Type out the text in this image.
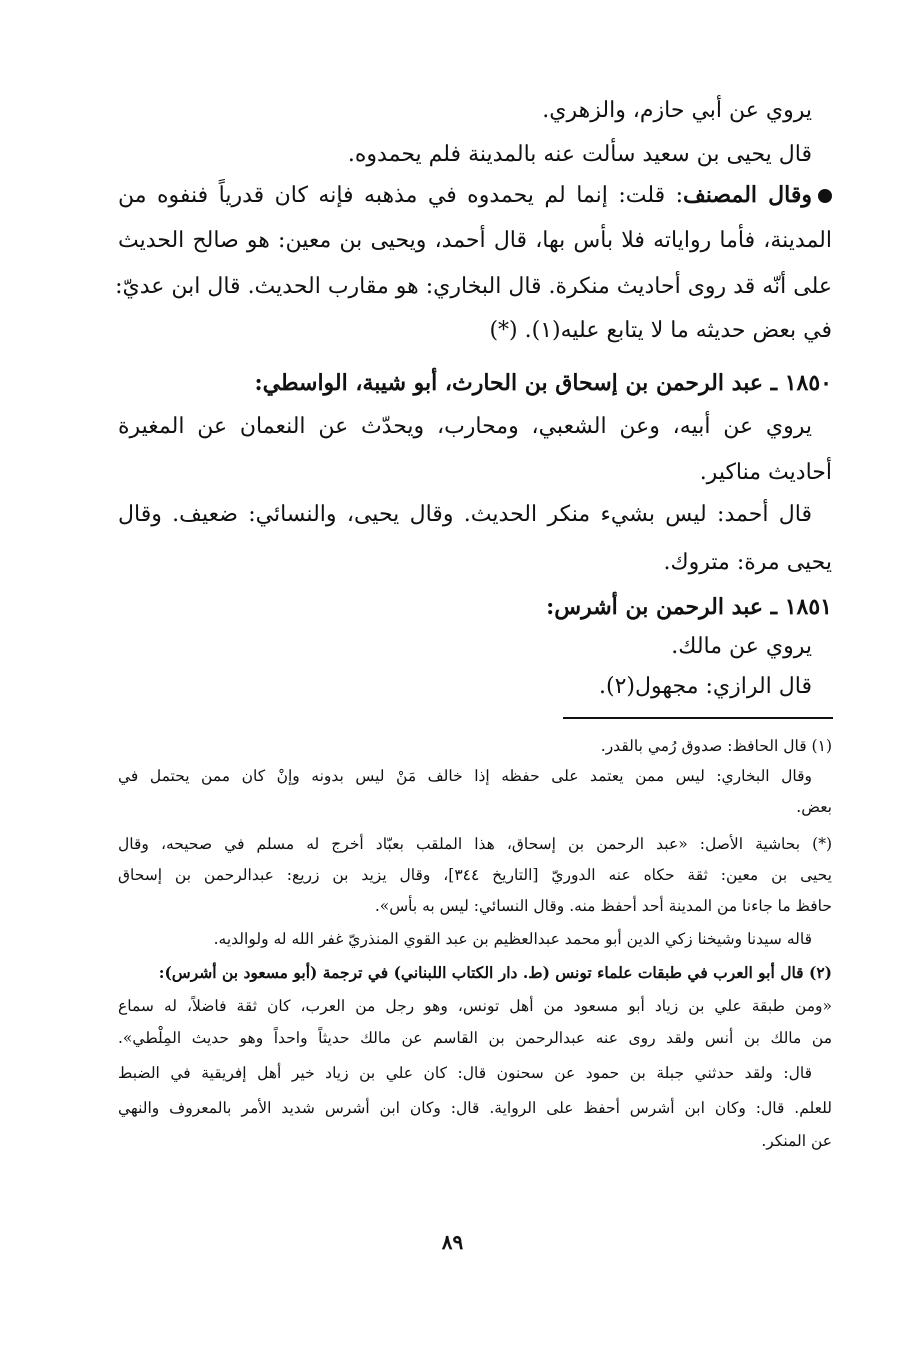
يروي عن أبي حازم، والزهري.
قال يحيى بن سعيد سألت عنه بالمدينة فلم يحمدوه.
وقال المصنف: قلت: إنما لم يحمدوه في مذهبه فإنه كان قدرياً فنفوه من
المدينة، فأما رواياته فلا بأس بها، قال أحمد، ويحيى بن معين: هو صالح الحديث
على أنّه قد روى أحاديث منكرة. قال البخاري: هو مقارب الحديث. قال ابن عديّ:
في بعض حديثه ما لا يتابع عليه(١). (*)
١٨٥٠ ـ عبد الرحمن بن إسحاق بن الحارث، أبو شيبة، الواسطي:
يروي عن أبيه، وعن الشعبي، ومحارب، ويحدّث عن النعمان عن المغيرة
أحاديث مناكير.
قال أحمد: ليس بشيء منكر الحديث. وقال يحيى، والنسائي: ضعيف. وقال
يحيى مرة: متروك.
١٨٥١ ـ عبد الرحمن بن أشرس:
يروي عن مالك.
قال الرازي: مجهول(٢).
(١) قال الحافظ: صدوق رُمي بالقدر.
وقال البخاري: ليس ممن يعتمد على حفظه إذا خالف مَنْ ليس بدونه وإنْ كان ممن يحتمل في
بعض.
(*) بحاشية الأصل: «عبد الرحمن بن إسحاق، هذا الملقب بعبّاد أخرج له مسلم في صحيحه، وقال
يحيى بن معين: ثقة حكاه عنه الدوريّ [التاريخ ٣٤٤]، وقال يزيد بن زريع: عبدالرحمن بن إسحاق
حافظ ما جاءنا من المدينة أحد أحفظ منه. وقال النسائي: ليس به بأس».
قاله سيدنا وشيخنا زكي الدين أبو محمد عبدالعظيم بن عبد القوي المنذريّ غفر الله له ولوالديه.
(٢) قال أبو العرب في طبقات علماء تونس (ط. دار الكتاب اللبناني) في ترجمة (أبو مسعود بن أشرس):
«ومن طبقة علي بن زياد أبو مسعود من أهل تونس، وهو رجل من العرب، كان ثقة فاضلاً، له سماع
من مالك بن أنس ولقد روى عنه عبدالرحمن بن القاسم عن مالك حديثاً واحداً وهو حديث المِلْطي».
قال: ولقد حدثني جبلة بن حمود عن سحنون قال: كان علي بن زياد خير أهل إفريقية في الضبط
للعلم. قال: وكان ابن أشرس أحفظ على الرواية. قال: وكان ابن أشرس شديد الأمر بالمعروف والنهي
عن المنكر.
٨٩
